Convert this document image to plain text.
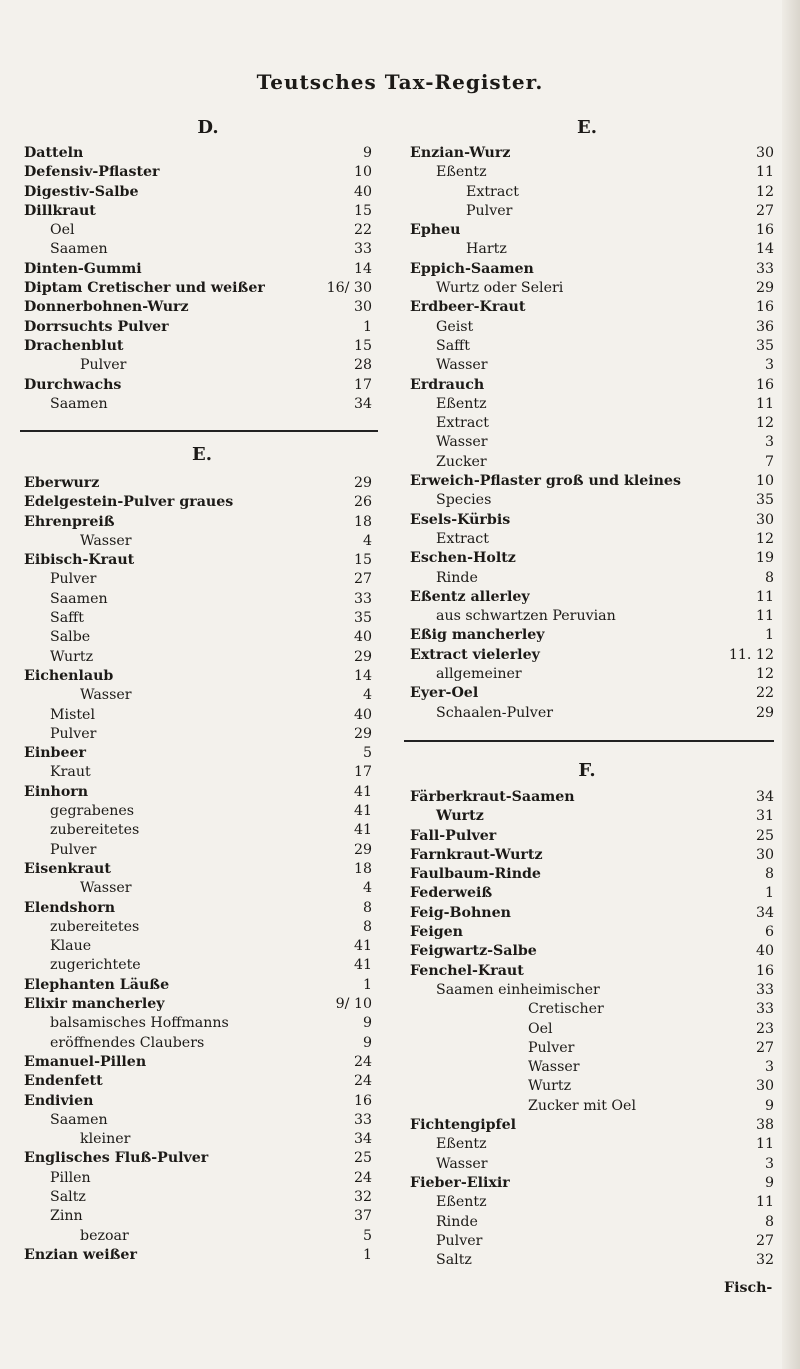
Teutsches Tax-Register.
D.
Datteln	9
Defensiv-Pflaster	10
Digestiv-Salbe	40
Dillkraut	15
Oel	22
Saamen	33
Dinten-Gummi	14
Diptam Cretischer und weißer	16/ 30
Donnerbohnen-Wurz	30
Dorrsuchts Pulver	1
Drachenblut	15
Pulver	28
Durchwachs	17
Saamen	34
E.
Eberwurz	29
Edelgestein-Pulver graues	26
Ehrenpreiß	18
Wasser	4
Eibisch-Kraut	15
Pulver	27
Saamen	33
Safft	35
Salbe	40
Wurtz	29
Eichenlaub	14
Wasser	4
Mistel	40
Pulver	29
Einbeer	5
Kraut	17
Einhorn	41
gegrabenes	41
zubereitetes	41
Pulver	29
Eisenkraut	18
Wasser	4
Elendshorn	8
zubereitetes	8
Klaue	41
zugerichtete	41
Elephanten Läuße	1
Elixir mancherley	9/ 10
balsamisches Hoffmanns	9
eröffnendes Claubers	9
Emanuel-Pillen	24
Endenfett	24
Endivien	16
Saamen	33
kleiner	34
Englisches Fluß-Pulver	25
Pillen	24
Saltz	32
Zinn	37
bezoar	5
Enzian weißer	1
E.
Enzian-Wurz	30
Eßentz	11
Extract	12
Pulver	27
Epheu	16
Hartz	14
Eppich-Saamen	33
Wurtz oder Seleri	29
Erdbeer-Kraut	16
Geist	36
Safft	35
Wasser	3
Erdrauch	16
Eßentz	11
Extract	12
Wasser	3
Zucker	7
Erweich-Pflaster groß und kleines	10
Species	35
Esels-Kürbis	30
Extract	12
Eschen-Holtz	19
Rinde	8
Eßentz allerley	11
aus schwartzen Peruvian	11
Eßig mancherley	1
Extract vielerley	11. 12
allgemeiner	12
Eyer-Oel	22
Schaalen-Pulver	29
F.
Färberkraut-Saamen	34
Wurtz	31
Fall-Pulver	25
Farnkraut-Wurtz	30
Faulbaum-Rinde	8
Federweiß	1
Feig-Bohnen	34
Feigen	6
Feigwartz-Salbe	40
Fenchel-Kraut	16
Saamen einheimischer	33
Cretischer	33
Oel	23
Pulver	27
Wasser	3
Wurtz	30
Zucker mit Oel	9
Fichtengipfel	38
Eßentz	11
Wasser	3
Fieber-Elixir	9
Eßentz	11
Rinde	8
Pulver	27
Saltz	32
Fisch-
